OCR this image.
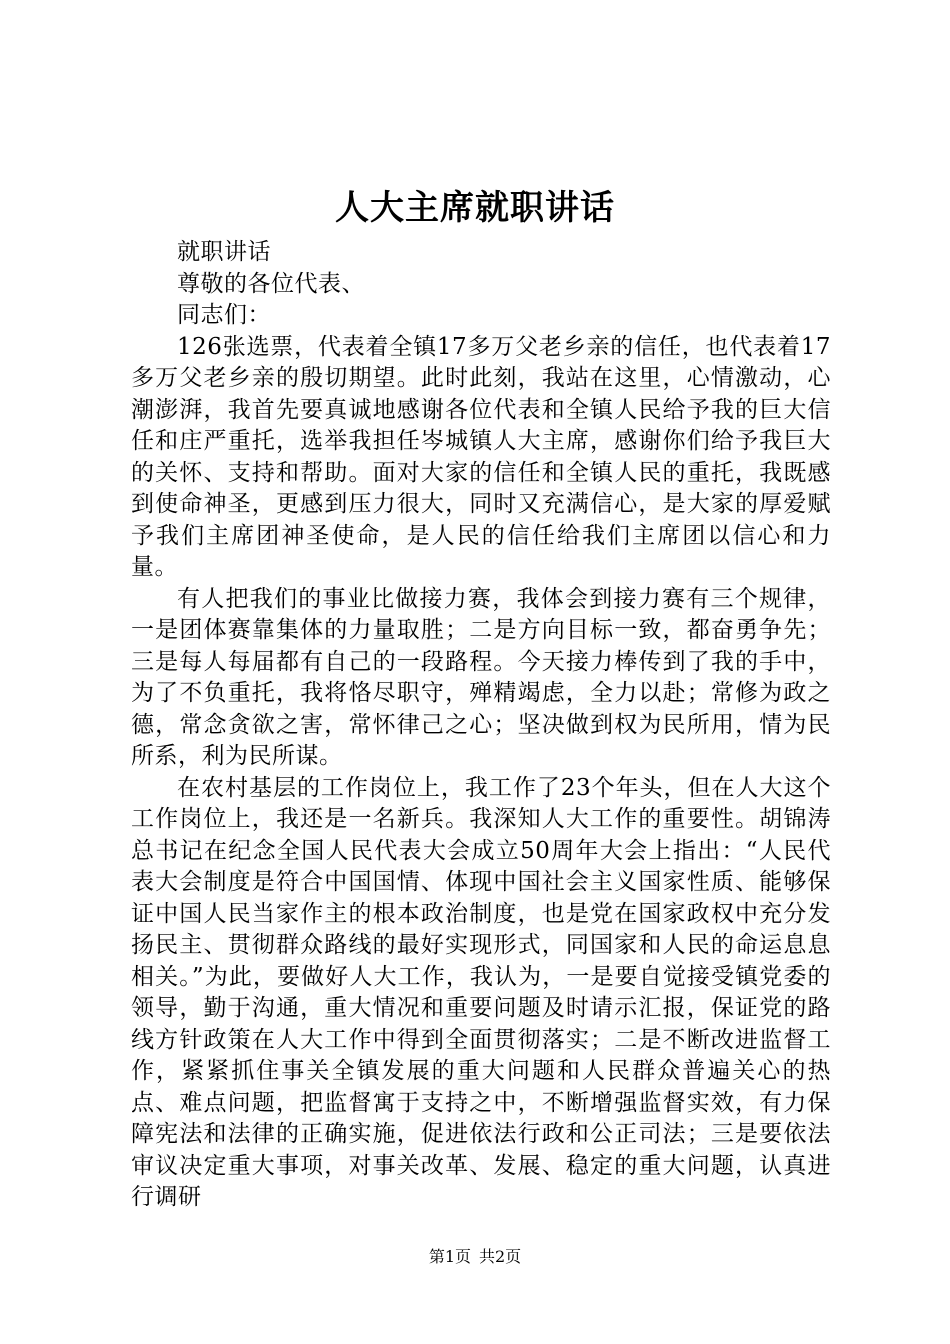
人大主席就职讲话

就职讲话

尊敬的各位代表、

同志们：

126张选票，代表着全镇17多万父老乡亲的信任，也代表着17多万父老乡亲的殷切期望。此时此刻，我站在这里，心情激动，心潮澎湃，我首先要真诚地感谢各位代表和全镇人民给予我的巨大信任和庄严重托，选举我担任岑城镇人大主席，感谢你们给予我巨大的关怀、支持和帮助。面对大家的信任和全镇人民的重托，我既感到使命神圣，更感到压力很大，同时又充满信心，是大家的厚爱赋予我们主席团神圣使命，是人民的信任给我们主席团以信心和力量。

有人把我们的事业比做接力赛，我体会到接力赛有三个规律，一是团体赛靠集体的力量取胜；二是方向目标一致，都奋勇争先；三是每人每届都有自己的一段路程。今天接力棒传到了我的手中，为了不负重托，我将恪尽职守，殚精竭虑，全力以赴；常修为政之德，常念贪欲之害，常怀律己之心；坚决做到权为民所用，情为民所系，利为民所谋。

在农村基层的工作岗位上，我工作了23个年头，但在人大这个工作岗位上，我还是一名新兵。我深知人大工作的重要性。胡锦涛总书记在纪念全国人民代表大会成立50周年大会上指出：“人民代表大会制度是符合中国国情、体现中国社会主义国家性质、能够保证中国人民当家作主的根本政治制度，也是党在国家政权中充分发扬民主、贯彻群众路线的最好实现形式，同国家和人民的命运息息相关。”为此，要做好人大工作，我认为，一是要自觉接受镇党委的领导，勤于沟通，重大情况和重要问题及时请示汇报，保证党的路线方针政策在人大工作中得到全面贯彻落实；二是不断改进监督工作，紧紧抓住事关全镇发展的重大问题和人民群众普遍关心的热点、难点问题，把监督寓于支持之中，不断增强监督实效，有力保障宪法和法律的正确实施，促进依法行政和公正司法；三是要依法审议决定重大事项，对事关改革、发展、稳定的重大问题，认真进行调研

第1页 共2页
